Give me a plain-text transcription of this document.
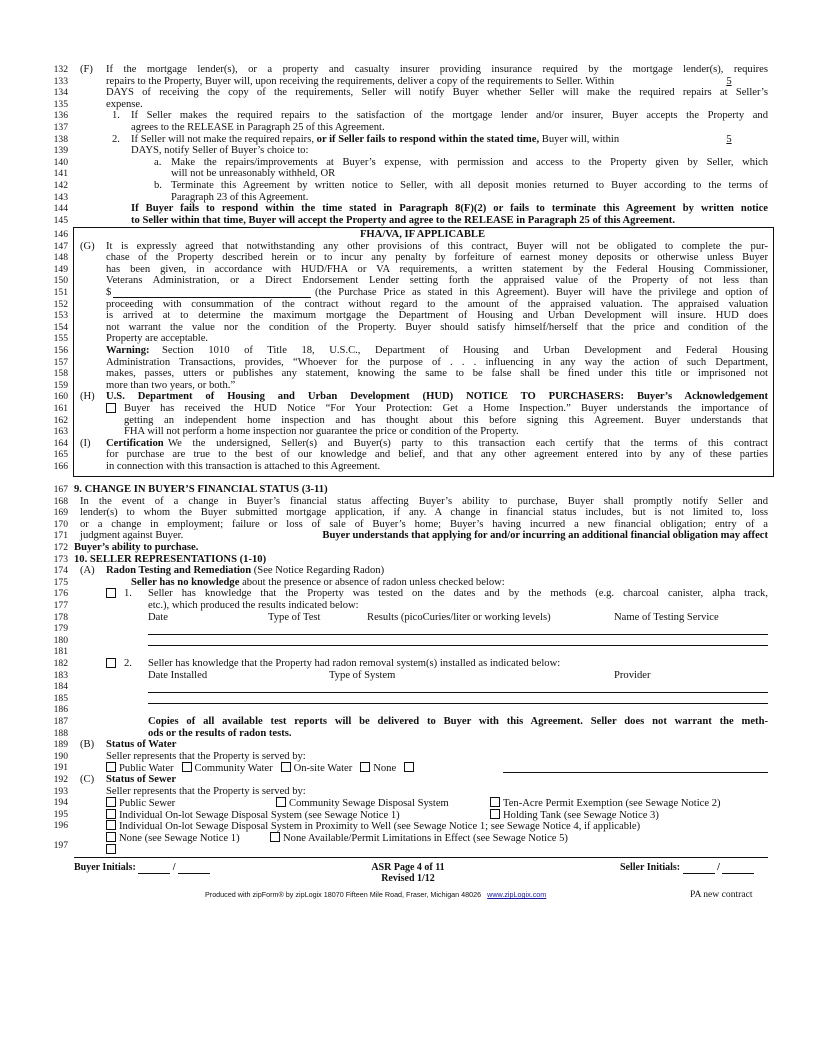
132
133
134
135
136
137
138
139
140
141
142
143
144
145
146
147
148
149
150
151
152
153
154
155
156
157
158
159
160
161
162
163
164
165
166
167
168
169
170
171
172
173
174
175
176
177
178
179
180
181
182
183
184
185
186
187
188
189
190
191
192
193
194
195
196
197
(F) If the mortgage lender(s), or a property and casualty insurer providing insurance required by the mortgage lender(s), requires
repairs to the Property, Buyer will, upon receiving the requirements, deliver a copy of the requirements to Seller. Within	5
DAYS of receiving the copy of the requirements, Seller will notify Buyer whether Seller will make the required repairs at Seller’s
expense.
1. If Seller makes the required repairs to the satisfaction of the mortgage lender and/or insurer, Buyer accepts the Property and
agrees to the RELEASE in Paragraph 25 of this Agreement.
2. If Seller will not make the required repairs, or if Seller fails to respond within the stated time, Buyer will, within	5
DAYS, notify Seller of Buyer’s choice to:
a. Make the repairs/improvements at Buyer’s expense, with permission and access to the Property given by Seller, which
will not be unreasonably withheld, OR
b. Terminate this Agreement by written notice to Seller, with all deposit monies returned to Buyer according to the terms of
Paragraph 23 of this Agreement.
If Buyer fails to respond within the time stated in Paragraph 8(F)(2) or fails to terminate this Agreement by written notice
to Seller within that time, Buyer will accept the Property and agree to the RELEASE in Paragraph 25 of this Agreement.
FHA/VA, IF APPLICABLE
(G) It is expressly agreed that notwithstanding any other provisions of this contract, Buyer will not be obligated to complete the pur-
chase of the Property described herein or to incur any penalty by forfeiture of earnest money deposits or otherwise unless Buyer
has been given, in accordance with HUD/FHA or VA requirements, a written statement by the Federal Housing Commissioner,
Veterans Administration, or a Direct Endorsement Lender setting forth the appraised value of the Property of not less than
$	(the Purchase Price as stated in this Agreement). Buyer will have the privilege and option of
proceeding with consummation of the contract without regard to the amount of the appraised valuation. The appraised valuation
is arrived at to determine the maximum mortgage the Department of Housing and Urban Development will insure. HUD does
not warrant the value nor the condition of the Property. Buyer should satisfy himself/herself that the price and condition of the
Property are acceptable.
Warning: Section 1010 of Title 18, U.S.C., Department of Housing and Urban Development and Federal Housing
Administration Transactions, provides, “Whoever for the purpose of . . . influencing in any way the action of such Department,
makes, passes, utters or publishes any statement, knowing the same to be false shall be fined under this title or imprisoned not
more than two years, or both.”
(H) U.S. Department of Housing and Urban Development (HUD) NOTICE TO PURCHASERS: Buyer’s Acknowledgement
Buyer has received the HUD Notice “For Your Protection: Get a Home Inspection.” Buyer understands the importance of
getting an independent home inspection and has thought about this before signing this Agreement. Buyer understands that
FHA will not perform a home inspection nor guarantee the price or condition of the Property.
(I) Certification We the undersigned, Seller(s) and Buyer(s) party to this transaction each certify that the terms of this contract
for purchase are true to the best of our knowledge and belief, and that any other agreement entered into by any of these parties
in connection with this transaction is attached to this Agreement.
9. CHANGE IN BUYER’S FINANCIAL STATUS (3-11)
In the event of a change in Buyer’s financial status affecting Buyer’s ability to purchase, Buyer shall promptly notify Seller and
lender(s) to whom the Buyer submitted mortgage application, if any. A change in financial status includes, but is not limited to, loss
or a change in employment; failure or loss of sale of Buyer’s home; Buyer’s having incurred a new financial obligation; entry of a
judgment against Buyer.	Buyer understands that applying for and/or incurring an additional financial obligation may affect
Buyer’s ability to purchase.
10. SELLER REPRESENTATIONS (1-10)
(A) Radon Testing and Remediation (See Notice Regarding Radon)
Seller has no knowledge about the presence or absence of radon unless checked below:
1. Seller has knowledge that the Property was tested on the dates and by the methods (e.g. charcoal canister, alpha track,
etc.), which produced the results indicated below:
Date	Type of Test	Results (picoCuries/liter or working levels)	Name of Testing Service
2. Seller has knowledge that the Property had radon removal system(s) installed as indicated below:
Date Installed	Type of System	Provider
Copies of all available test reports will be delivered to Buyer with this Agreement. Seller does not warrant the meth-
ods or the results of radon tests.
(B) Status of Water
Seller represents that the Property is served by:
Public Water Community Water On-site Water None
(C) Status of Sewer
Seller represents that the Property is served by:
Public Sewer	Community Sewage Disposal System	Ten-Acre Permit Exemption (see Sewage Notice 2)
Individual On-lot Sewage Disposal System (see Sewage Notice 1)	Holding Tank (see Sewage Notice 3)
Individual On-lot Sewage Disposal System in Proximity to Well (see Sewage Notice 1; see Sewage Notice 4, if applicable)
None (see Sewage Notice 1)	None Available/Permit Limitations in Effect (see Sewage Notice 5)
Buyer Initials:	/	ASR Page 4 of 11
Revised 1/12
Seller Initials:	/
Produced with zipForm® by zipLogix 18070 Fifteen Mile Road, Fraser, Michigan 48026 www.zipLogix.com	PA new contract
